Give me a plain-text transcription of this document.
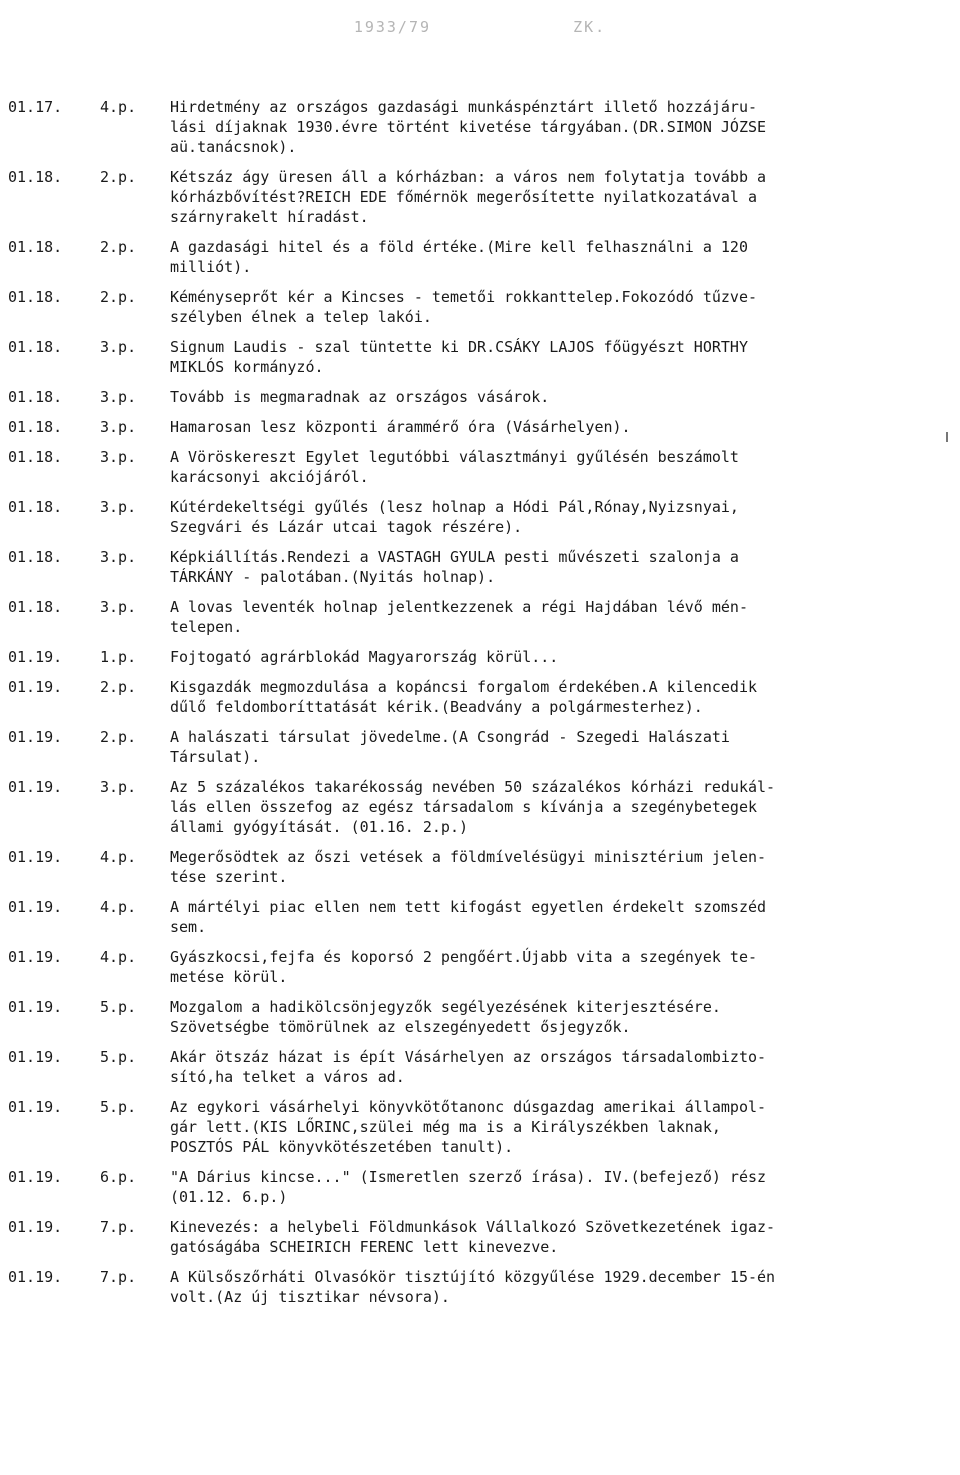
1933/79	ZK.
01.17.	4.p.	Hirdetmény az országos gazdasági munkáspénztárt illető hozzájáru-
lási díjaknak 1930.évre történt kivetése tárgyában.(DR.SIMON JÓZSE
aü.tanácsnok).
01.18.	2.p.	Kétszáz ágy üresen áll a kórházban: a város nem folytatja tovább a
kórházbővítést?REICH EDE főmérnök megerősítette nyilatkozatával a
szárnyrakelt híradást.
01.18.	2.p.	A gazdasági hitel és a föld értéke.(Mire kell felhasználni a 120
milliót).
01.18.	2.p.	Kéményseprőt kér a Kincses - temetői rokkanttelep.Fokozódó tűzve-
szélyben élnek a telep lakói.
01.18.	3.p.	Signum Laudis - szal tüntette ki DR.CSÁKY LAJOS főügyészt HORTHY
MIKLÓS kormányzó.
01.18.	3.p.	Tovább is megmaradnak az országos vásárok.
01.18.	3.p.	Hamarosan lesz központi árammérő óra (Vásárhelyen).
01.18.	3.p.	A Vöröskereszt Egylet legutóbbi választmányi gyűlésén beszámolt
karácsonyi akciójáról.
01.18.	3.p.	Kútérdekeltségi gyűlés (lesz holnap a Hódi Pál,Rónay,Nyizsnyai,
Szegvári és Lázár utcai tagok részére).
01.18.	3.p.	Képkiállítás.Rendezi a VASTAGH GYULA pesti művészeti szalonja a
TÁRKÁNY - palotában.(Nyitás holnap).
01.18.	3.p.	A lovas leventék holnap jelentkezzenek a régi Hajdában lévő mén-
telepen.
01.19.	1.p.	Fojtogató agrárblokád Magyarország körül...
01.19.	2.p.	Kisgazdák megmozdulása a kopáncsi forgalom érdekében.A kilencedik
dűlő feldomboríttatását kérik.(Beadvány a polgármesterhez).
01.19.	2.p.	A halászati társulat jövedelme.(A Csongrád - Szegedi Halászati
Társulat).
01.19.	3.p.	Az 5 százalékos takarékosság nevében 50 százalékos kórházi redukál-
lás ellen összefog az egész társadalom s kívánja a szegénybetegek
állami gyógyítását. (01.16. 2.p.)
01.19.	4.p.	Megerősödtek az őszi vetések a földmívelésügyi minisztérium jelen-
tése szerint.
01.19.	4.p.	A mártélyi piac ellen nem tett kifogást egyetlen érdekelt szomszéd
sem.
01.19.	4.p.	Gyászkocsi,fejfa és koporsó 2 pengőért.Újabb vita a szegények te-
metése körül.
01.19.	5.p.	Mozgalom a hadikölcsönjegyzők segélyezésének kiterjesztésére.
Szövetségbe tömörülnek az elszegényedett ősjegyzők.
01.19.	5.p.	Akár ötszáz házat is épít Vásárhelyen az országos társadalombizto-
sító,ha telket a város ad.
01.19.	5.p.	Az egykori vásárhelyi könyvkötőtanonc dúsgazdag amerikai állampol-
gár lett.(KIS LŐRINC,szülei még ma is a Királyszékben laknak,
POSZTÓS PÁL könyvkötészetében tanult).
01.19.	6.p.	"A Dárius kincse..." (Ismeretlen szerző írása). IV.(befejező) rész
(01.12. 6.p.)
01.19.	7.p.	Kinevezés: a helybeli Földmunkások Vállalkozó Szövetkezetének igaz-
gatóságába SCHEIRICH FERENC lett kinevezve.
01.19.	7.p.	A Külsőszőrháti Olvasókör tisztújító közgyűlése 1929.december 15-én
volt.(Az új tisztikar névsora).
